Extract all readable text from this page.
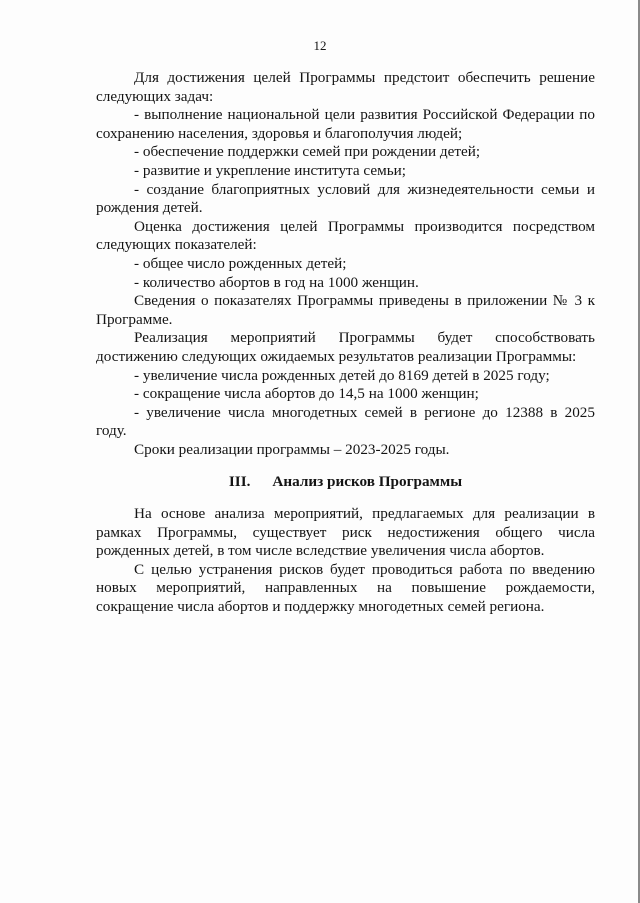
12

Для достижения целей Программы предстоит обеспечить решение следующих задач:

- выполнение национальной цели развития Российской Федерации по сохранению населения, здоровья и благополучия людей;

- обеспечение поддержки семей при рождении детей;

- развитие и укрепление института семьи;

- создание благоприятных условий для жизнедеятельности семьи и рождения детей.

Оценка достижения целей Программы производится посредством следующих показателей:

- общее число рожденных детей;

- количество абортов в год на 1000 женщин.

Сведения о показателях Программы приведены в приложении № 3 к Программе.

Реализация мероприятий Программы будет способствовать достижению следующих ожидаемых результатов реализации Программы:

- увеличение числа рожденных детей до 8169 детей в 2025 году;

- сокращение числа абортов до 14,5 на 1000 женщин;

- увеличение числа многодетных семей в регионе до 12388 в 2025 году.

Сроки реализации программы – 2023-2025 годы.

III. Анализ рисков Программы

На основе анализа мероприятий, предлагаемых для реализации в рамках Программы, существует риск недостижения общего числа рожденных детей, в том числе вследствие увеличения числа абортов.

С целью устранения рисков будет проводиться работа по введению новых мероприятий, направленных на повышение рождаемости, сокращение числа абортов и поддержку многодетных семей региона.
